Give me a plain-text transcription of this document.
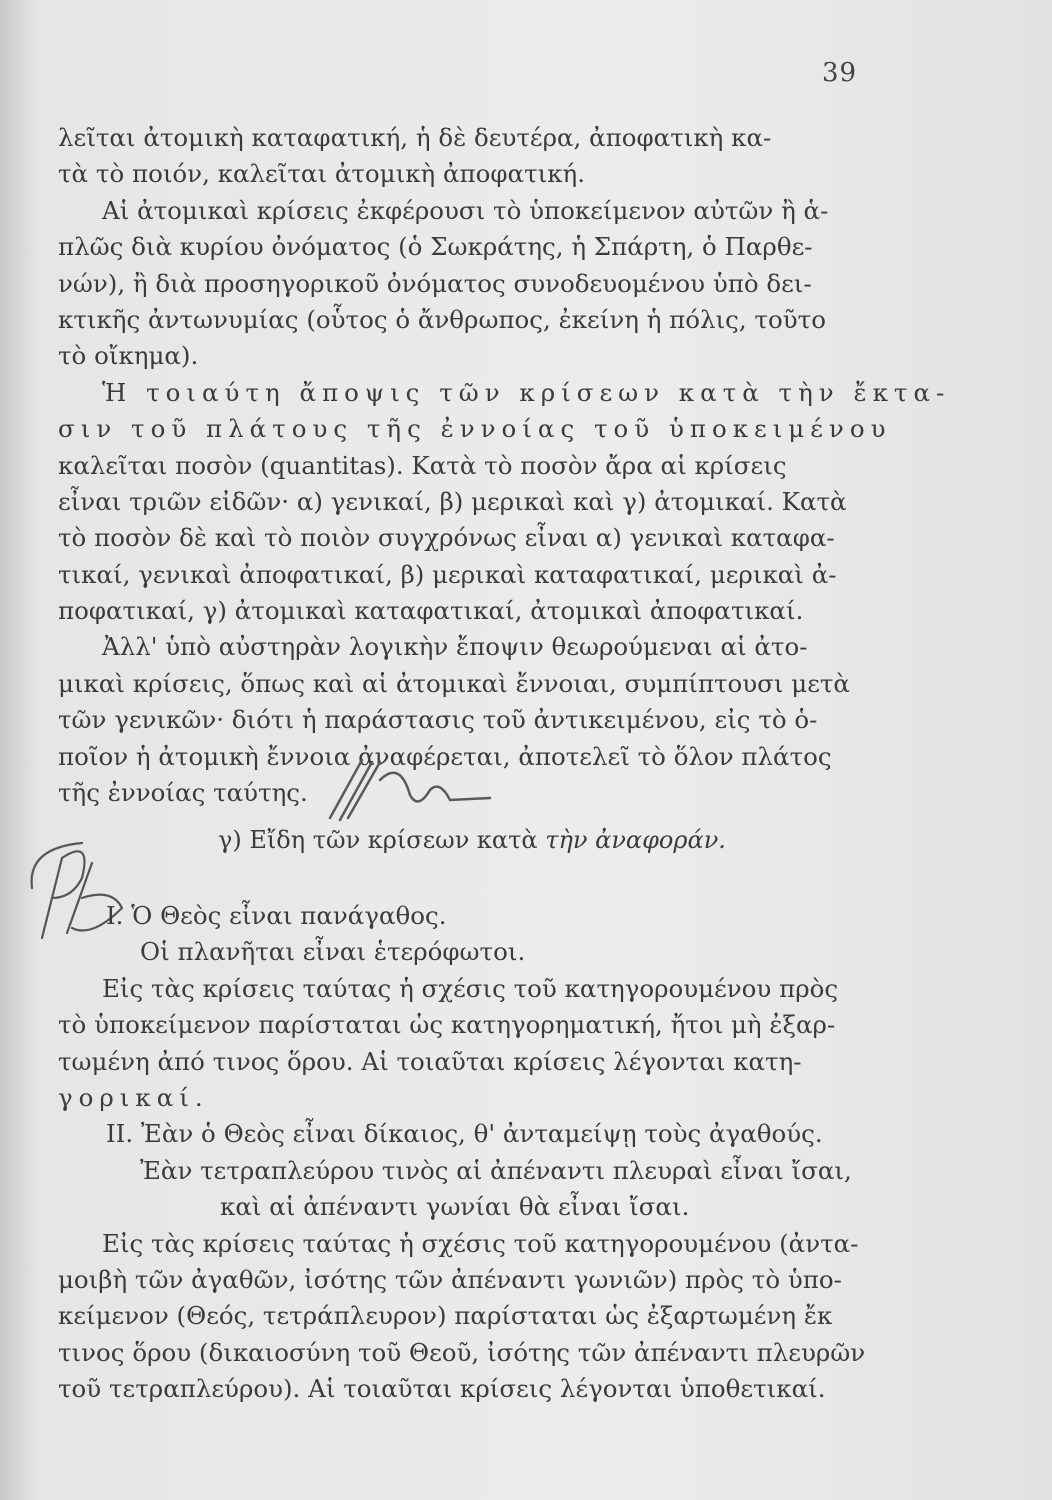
39
λεῖται ἀτομικὴ καταφατική, ἡ δὲ δευτέρα, ἀποφατικὴ κα-
τὰ τὸ ποιόν, καλεῖται ἀτομικὴ ἀποφατική.
Αἱ ἀτομικαὶ κρίσεις ἐκφέρουσι τὸ ὑποκείμενον αὐτῶν ἢ ἁ-
πλῶς διὰ κυρίου ὀνόματος (ὁ Σωκράτης, ἡ Σπάρτη, ὁ Παρθε-
νών), ἢ διὰ προσηγορικοῦ ὀνόματος συνοδευομένου ὑπὸ δει-
κτικῆς ἀντωνυμίας (οὗτος ὁ ἄνθρωπος, ἐκείνη ἡ πόλις, τοῦτο
τὸ οἴκημα).
Ἡ τοιαύτη ἄποψις τῶν κρίσεων κατὰ τὴν ἔκτα-
σιν τοῦ πλάτους τῆς ἐννοίας τοῦ ὑποκειμένου
καλεῖται ποσὸν (quantitas). Κατὰ τὸ ποσὸν ἄρα αἱ κρίσεις
εἶναι τριῶν εἰδῶν· α) γενικαί, β) μερικαὶ καὶ γ) ἀτομικαί. Κατὰ
τὸ ποσὸν δὲ καὶ τὸ ποιὸν συγχρόνως εἶναι α) γενικαὶ καταφα-
τικαί, γενικαὶ ἀποφατικαί, β) μερικαὶ καταφατικαί, μερικαὶ ἀ-
ποφατικαί, γ) ἀτομικαὶ καταφατικαί, ἀτομικαὶ ἀποφατικαί.
Ἀλλ' ὑπὸ αὐστηρὰν λογικὴν ἔποψιν θεωρούμεναι αἱ ἀτο-
μικαὶ κρίσεις, ὅπως καὶ αἱ ἀτομικαὶ ἔννοιαι, συμπίπτουσι μετὰ
τῶν γενικῶν· διότι ἡ παράστασις τοῦ ἀντικειμένου, εἰς τὸ ὁ-
ποῖον ἡ ἀτομικὴ ἔννοια ἀναφέρεται, ἀποτελεῖ τὸ ὅλον πλάτος
τῆς ἐννοίας ταύτης.
γ) Εἴδη τῶν κρίσεων κατὰ τὴν ἀναφοράν.
I. Ὁ Θεὸς εἶναι πανάγαθος.
Οἱ πλανῆται εἶναι ἑτερόφωτοι.
Εἰς τὰς κρίσεις ταύτας ἡ σχέσις τοῦ κατηγορουμένου πρὸς
τὸ ὑποκείμενον παρίσταται ὡς κατηγορηματική, ἤτοι μὴ ἐξαρ-
τωμένη ἀπό τινος ὅρου. Αἱ τοιαῦται κρίσεις λέγονται κατη-
γορικαί.
II. Ἐὰν ὁ Θεὸς εἶναι δίκαιος, θ' ἀνταμείψῃ τοὺς ἀγαθούς.
Ἐὰν τετραπλεύρου τινὸς αἱ ἀπέναντι πλευραὶ εἶναι ἴσαι,
καὶ αἱ ἀπέναντι γωνίαι θὰ εἶναι ἴσαι.
Εἰς τὰς κρίσεις ταύτας ἡ σχέσις τοῦ κατηγορουμένου (ἀντα-
μοιβὴ τῶν ἀγαθῶν, ἰσότης τῶν ἀπέναντι γωνιῶν) πρὸς τὸ ὑπο-
κείμενον (Θεός, τετράπλευρον) παρίσταται ὡς ἐξαρτωμένη ἔκ
τινος ὅρου (δικαιοσύνη τοῦ Θεοῦ, ἰσότης τῶν ἀπέναντι πλευρῶν
τοῦ τετραπλεύρου). Αἱ τοιαῦται κρίσεις λέγονται ὑποθετικαί.
